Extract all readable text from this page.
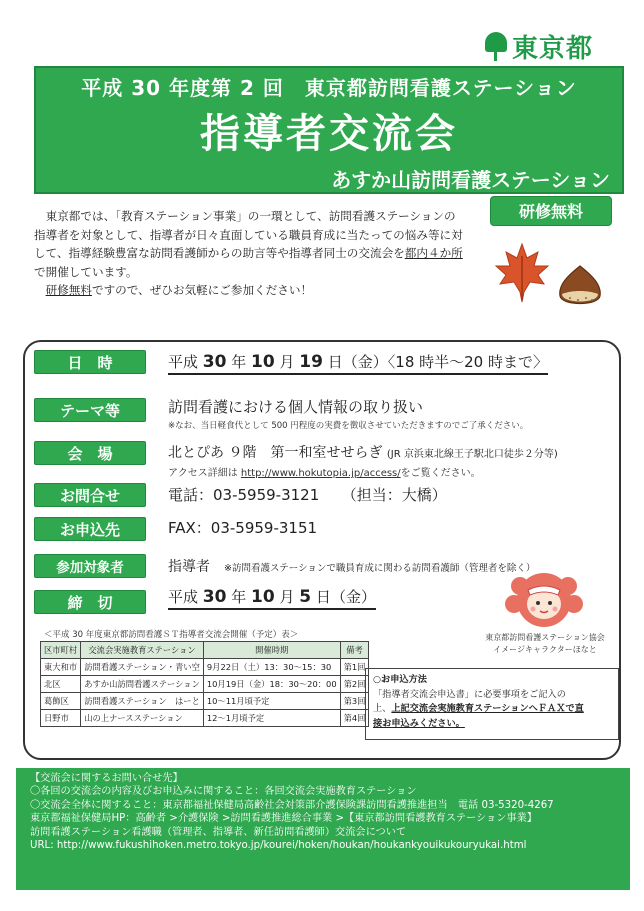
東京都
平成 30 年度第 2 回　東京都訪問看護ステーション
指導者交流会
あすか山訪問看護ステーション

東京都では、「教育ステーション事業」の一環として、訪問看護ステーションの指導者を対象として、指導者が日々直面している職員育成に当たっての悩み等に対して、指導経験豊富な訪問看護師からの助言等や指導者同士の交流会を都内４か所で開催しています。

研修無料ですので、ぜひお気軽にご参加ください！

研修無料
日　時	平成 30 年 10 月 19 日（金）〈18 時半～20 時まで〉
テーマ等	訪問看護における個人情報の取り扱い
※なお、当日軽食代として 500 円程度の実費を徴収させていただきますのでご了承ください。
会　場	北とぴあ ９階　第一和室せせらぎ (JR 京浜東北線王子駅北口徒歩２分等)
アクセス詳細は http://www.hokutopia.jp/access/をご覧ください。
お問合せ	電話：03-5959-3121　　 （担当：大橋）
お申込先	FAX：03-5959-3151
参加対象者	指導者　 ※訪問看護ステーションで職員育成に関わる訪問看護師（管理者を除く）
締　切	平成 30 年 10 月 5 日（金）
＜平成 30 年度東京都訪問看護ＳＴ指導者交流会開催（予定）表＞
区市町村	交流会実施教育ステーション	開催時期	備考
東大和市	訪問看護ステーション・青い空	9月22日（土）13：30～15：30	第1回
北区	あすか山訪問看護ステーション	10月19日（金）18：30～20：00	第2回
葛飾区	訪問看護ステーション　はーと	10～11月頃予定	第3回
日野市	山の上ナースステーション	12～1月頃予定	第4回
東京都訪問看護ステーション協会
イメージキャラクターほなと
○お申込方法
「指導者交流会申込書」に必要事項をご記入の
上、上記交流会実施教育ステーションへＦＡＸで直
接お申込みください。
【交流会に関するお問い合せ先】
〇各回の交流会の内容及びお申込みに関すること：各回交流会実施教育ステーション
〇交流会全体に関すること：東京都福祉保健局高齢社会対策部介護保険課訪問看護推進担当　電話 03-5320-4267
東京都福祉保健局HP：高齢者 >介護保険 >訪問看護推進総合事業 >【東京都訪問看護教育ステーション事業】
訪問看護ステーション看護職（管理者、指導者、新任訪問看護師）交流会について
URL: http://www.fukushihoken.metro.tokyo.jp/kourei/hoken/houkan/houkankyouikukouryukai.html
